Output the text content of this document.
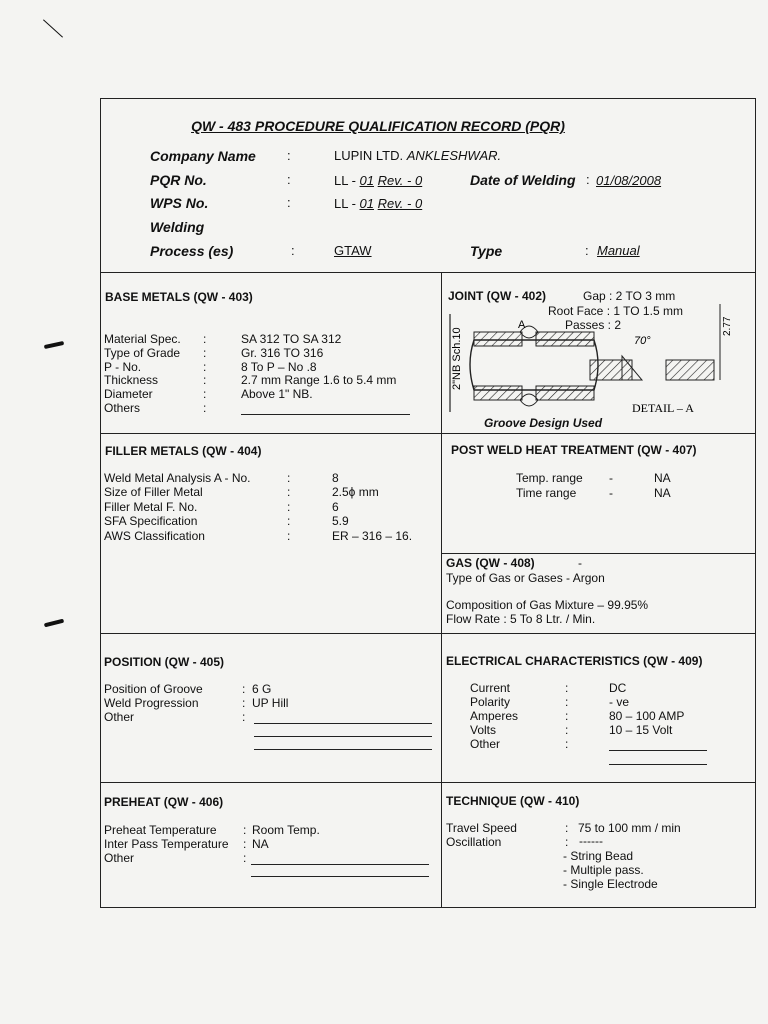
QW - 483 PROCEDURE QUALIFICATION RECORD (PQR)
Company Name :	LUPIN LTD. ANKLESHWAR.
PQR No.	:	LL - 01 Rev. - 0	Date of Welding : 01/08/2008
WPS No.	:	LL - 01 Rev. - 0
Welding
Process (es)	:	GTAW	Type	: Manual
BASE METALS (QW - 403)
Material Spec. :	SA 312 TO SA 312
Type of Grade :	Gr. 316 TO 316
P - No.	:	8 To P – No .8
Thickness	:	2.7 mm Range 1.6 to 5.4 mm
Diameter	:	Above 1" NB.
Others	:
JOINT (QW - 402)	Gap : 2 TO 3 mm
Root Face : 1 TO 1.5 mm
Passes : 2
2"NB Sch.10
A
70°
2.77
DETAIL – A
Groove Design Used
FILLER METALS (QW - 404)
Weld Metal Analysis A - No.	:	8
Size of Filler Metal	:	2.5ϕ mm
Filler Metal F. No.	:	6
SFA Specification	:	5.9
AWS Classification	:	ER – 316 – 16.
POST WELD HEAT TREATMENT (QW - 407)
Temp. range -	NA
Time range	-	NA
GAS (QW - 408)	-
Type of Gas or Gases - Argon
Composition of Gas Mixture – 99.95%
Flow Rate : 5 To 8 Ltr. / Min.
POSITION (QW - 405)
Position of Groove	: 6 G
Weld Progression	: UP Hill
Other	:
ELECTRICAL CHARACTERISTICS (QW - 409)
Current	:	DC
Polarity	:	- ve
Amperes	:	80 – 100 AMP
Volts	:	10 – 15 Volt
Other	:
PREHEAT (QW - 406)
Preheat Temperature : Room Temp.
Inter Pass Temperature : NA
Other	:
TECHNIQUE (QW - 410)
Travel Speed	: 75 to 100 mm / min
Oscillation	: ------
- String Bead
- Multiple pass.
- Single Electrode
